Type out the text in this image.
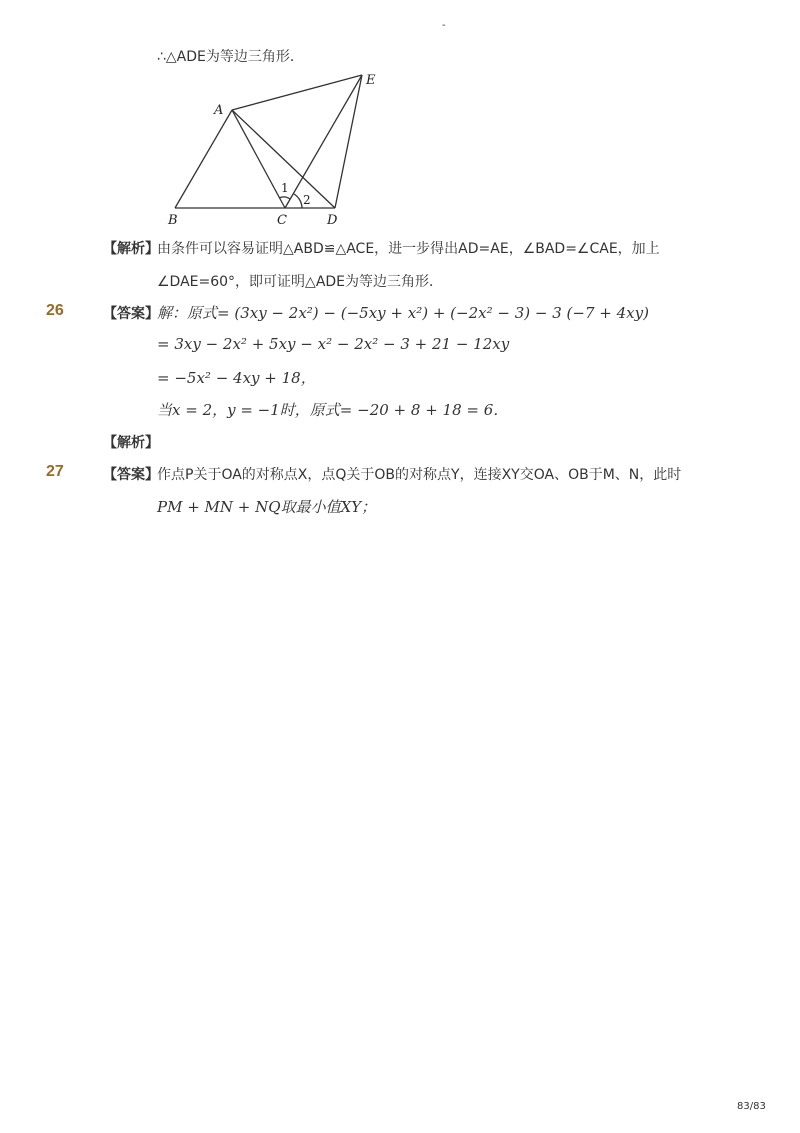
-
∴△ADE为等边三角形．
A
B	C	D
E
1
2
【解析】
由条件可以容易证明△ABD≌△ACE，进一步得出AD=AE，∠BAD=∠CAE，加上
∠DAE=60°，即可证明△ADE为等边三角形．
26	【答案】
解：原式= (3xy − 2x²) − (−5xy + x²) + (−2x² − 3) − 3 (−7 + 4xy)
= 3xy − 2x² + 5xy − x² − 2x² − 3 + 21 − 12xy
= −5x² − 4xy + 18，
当x = 2，y = −1时，原式= −20 + 8 + 18 = 6．
【解析】
27	【答案】
作点P关于OA的对称点X，点Q关于OB的对称点Y，连接XY交OA、OB于M、N，此时
PM + MN + NQ取最小值XY；
83/83
